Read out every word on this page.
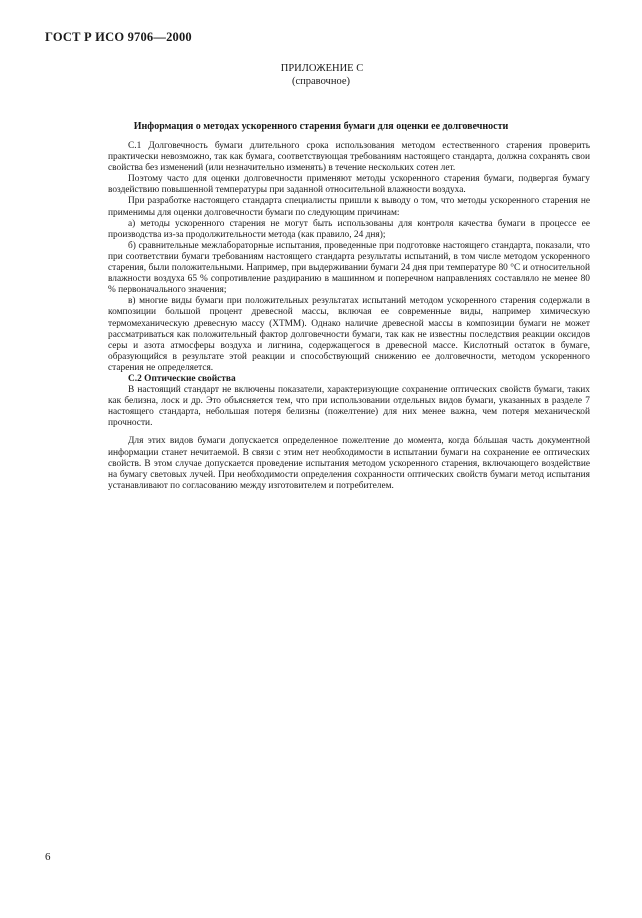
ГОСТ Р ИСО 9706—2000
ПРИЛОЖЕНИЕ С
(справочное)
Информация о методах ускоренного старения бумаги для оценки ее долговечности

С.1 Долговечность бумаги длительного срока использования методом естественного старения проверить практически невозможно, так как бумага, соответствующая требованиям настоящего стандарта, должна сохранять свои свойства без изменений (или незначительно изменять) в течение нескольких сотен лет.

Поэтому часто для оценки долговечности применяют методы ускоренного старения бумаги, подвергая бумагу воздействию повышенной температуры при заданной относительной влажности воздуха.

При разработке настоящего стандарта специалисты пришли к выводу о том, что методы ускоренного старения не применимы для оценки долговечности бумаги по следующим причинам:

а) методы ускоренного старения не могут быть использованы для контроля качества бумаги в процессе ее производства из-за продолжительности метода (как правило, 24 дня);

б) сравнительные межлабораторные испытания, проведенные при подготовке настоящего стандарта, показали, что при соответствии бумаги требованиям настоящего стандарта результаты испытаний, в том числе методом ускоренного старения, были положительными. Например, при выдерживании бумаги 24 дня при температуре 80 °С и относительной влажности воздуха 65 % сопротивление раздиранию в машинном и поперечном направлениях составляло не менее 80 % первоначального значения;

в) многие виды бумаги при положительных результатах испытаний методом ускоренного старения содержали в композиции большой процент древесной массы, включая ее современные виды, например химическую термомеханическую древесную массу (ХТММ). Однако наличие древесной массы в композиции бумаги не может рассматриваться как положительный фактор долговечности бумаги, так как не известны последствия реакции оксидов серы и азота атмосферы воздуха и лигнина, содержащегося в древесной массе. Кислотный остаток в бумаге, образующийся в результате этой реакции и способствующий снижению ее долговечности, методом ускоренного старения не определяется.

С.2 Оптические свойства

В настоящий стандарт не включены показатели, характеризующие сохранение оптических свойств бумаги, таких как белизна, лоск и др. Это объясняется тем, что при использовании отдельных видов бумаги, указанных в разделе 7 настоящего стандарта, небольшая потеря белизны (пожелтение) для них менее важна, чем потеря механической прочности.

Для этих видов бумаги допускается определенное пожелтение до момента, когда бóльшая часть документной информации станет нечитаемой. В связи с этим нет необходимости в испытании бумаги на сохранение ее оптических свойств. В этом случае допускается проведение испытания методом ускоренного старения, включающего воздействие на бумагу световых лучей. При необходимости определения сохранности оптических свойств бумаги метод испытания устанавливают по согласованию между изготовителем и потребителем.

6
